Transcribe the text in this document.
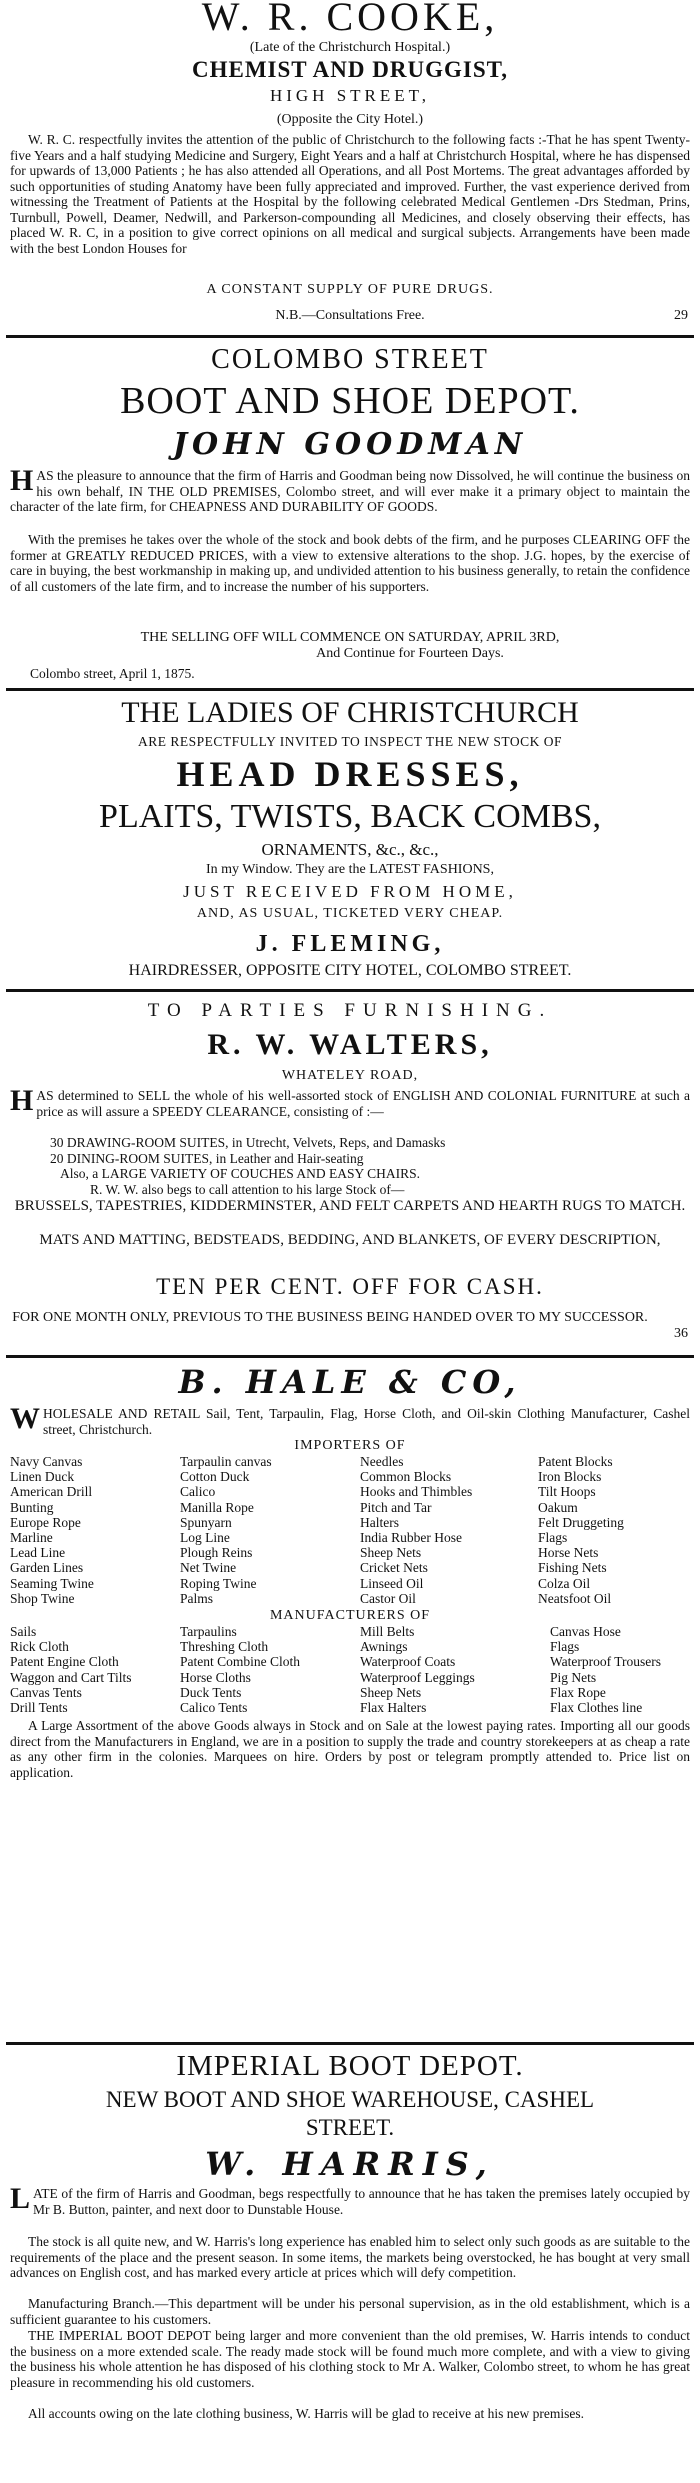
W. R. COOKE,
(Late of the Christchurch Hospital.)
CHEMIST AND DRUGGIST,
HIGH STREET,
(Opposite the City Hotel.)

W. R. C. respectfully invites the attention of the public of Christchurch to the following facts :-That he has spent Twenty-five Years and a half studying Medicine and Surgery, Eight Years and a half at Christchurch Hospital, where he has dispensed for upwards of 13,000 Patients ; he has also attended all Operations, and all Post Mortems. The great advantages afforded by such opportunities of studing Anatomy have been fully appreciated and improved. Further, the vast experience derived from witnessing the Treatment of Patients at the Hospital by the following celebrated Medical Gentlemen -Drs Stedman, Prins, Turnbull, Powell, Deamer, Nedwill, and Parkerson-compounding all Medicines, and closely observing their effects, has placed W. R. C, in a position to give correct opinions on all medical and surgical subjects. Arrangements have been made with the best London Houses for

A CONSTANT SUPPLY OF PURE DRUGS.
N.B.—Consultations Free.	29
COLOMBO STREET
BOOT AND SHOE DEPOT.
JOHN GOODMAN
H AS the pleasure to announce that the firm of Harris and Goodman being now Dissolved, he will continue the business on his own behalf, IN THE OLD PREMISES, Colombo street, and will ever make it a primary object to maintain the character of the late firm, for CHEAPNESS AND DURABILITY OF GOODS.

With the premises he takes over the whole of the stock and book debts of the firm, and he purposes CLEARING OFF the former at GREATLY REDUCED PRICES, with a view to extensive alterations to the shop. J.G. hopes, by the exercise of care in buying, the best workmanship in making up, and undivided attention to his business generally, to retain the confidence of all customers of the late firm, and to increase the number of his supporters.

THE SELLING OFF WILL COMMENCE ON SATURDAY, APRIL 3RD,
And Continue for Fourteen Days.
Colombo street, April 1, 1875.
THE LADIES OF CHRISTCHURCH
ARE RESPECTFULLY INVITED TO INSPECT THE NEW STOCK OF
HEAD DRESSES,
PLAITS, TWISTS, BACK COMBS,
ORNAMENTS, &c., &c.,
In my Window. They are the LATEST FASHIONS,
JUST RECEIVED FROM HOME,
AND, AS USUAL, TICKETED VERY CHEAP.
J. FLEMING,
HAIRDRESSER, OPPOSITE CITY HOTEL, COLOMBO STREET.
TO PARTIES FURNISHING.
R. W. WALTERS,
WHATELEY ROAD,
H AS determined to SELL the whole of his well-assorted stock of ENGLISH AND COLONIAL FURNITURE at such a price as will assure a SPEEDY CLEARANCE, consisting of :—

30 DRAWING-ROOM SUITES, in Utrecht, Velvets, Reps, and Damasks
20 DINING-ROOM SUITES, in Leather and Hair-seating
Also, a LARGE VARIETY OF COUCHES AND EASY CHAIRS.
R. W. W. also begs to call attention to his large Stock of—

BRUSSELS, TAPESTRIES, KIDDERMINSTER, AND FELT CARPETS AND HEARTH RUGS TO MATCH.

MATS AND MATTING, BEDSTEADS, BEDDING, AND BLANKETS, OF EVERY DESCRIPTION,

TEN PER CENT. OFF FOR CASH.

FOR ONE MONTH ONLY, PREVIOUS TO THE BUSINESS BEING HANDED OVER TO MY SUCCESSOR.

36
B. HALE & CO,
W HOLESALE AND RETAIL Sail, Tent, Tarpaulin, Flag, Horse Cloth, and Oil-skin Clothing Manufacturer, Cashel street, Christchurch.

IMPORTERS OF
Navy Canvas
Linen Duck
American Drill
Bunting
Europe Rope
Marline
Lead Line
Garden Lines
Seaming Twine
Shop Twine
Tarpaulin canvas
Cotton Duck
Calico
Manilla Rope
Spunyarn
Log Line
Plough Reins
Net Twine
Roping Twine
Palms
Needles
Common Blocks
Hooks and Thimbles
Pitch and Tar
Halters
India Rubber Hose
Sheep Nets
Cricket Nets
Linseed Oil
Castor Oil
Patent Blocks
Iron Blocks
Tilt Hoops
Oakum
Felt Druggeting
Flags
Horse Nets
Fishing Nets
Colza Oil
Neatsfoot Oil
MANUFACTURERS OF
Sails
Rick Cloth
Patent Engine Cloth
Waggon and Cart Tilts
Canvas Tents
Drill Tents
Tarpaulins
Threshing Cloth
Patent Combine Cloth
Horse Cloths
Duck Tents
Calico Tents
Mill Belts
Awnings
Waterproof Coats
Waterproof Leggings
Sheep Nets
Flax Halters
Canvas Hose
Flags
Waterproof Trousers
Pig Nets
Flax Rope
Flax Clothes line

A Large Assortment of the above Goods always in Stock and on Sale at the lowest paying rates. Importing all our goods direct from the Manufacturers in England, we are in a position to supply the trade and country storekeepers at as cheap a rate as any other firm in the colonies. Marquees on hire. Orders by post or telegram promptly attended to. Price list on application.

IMPERIAL BOOT DEPOT.
NEW BOOT AND SHOE WAREHOUSE, CASHEL
STREET.
W. HARRIS,
L ATE of the firm of Harris and Goodman, begs respectfully to announce that he has taken the premises lately occupied by Mr B. Button, painter, and next door to Dunstable House.

The stock is all quite new, and W. Harris's long experience has enabled him to select only such goods as are suitable to the requirements of the place and the present season. In some items, the markets being overstocked, he has bought at very small advances on English cost, and has marked every article at prices which will defy competition.

Manufacturing Branch.—This department will be under his personal supervision, as in the old establishment, which is a sufficient guarantee to his customers.

THE IMPERIAL BOOT DEPOT being larger and more convenient than the old premises, W. Harris intends to conduct the business on a more extended scale. The ready made stock will be found much more complete, and with a view to giving the business his whole attention he has disposed of his clothing stock to Mr A. Walker, Colombo street, to whom he has great pleasure in recommending his old customers.

All accounts owing on the late clothing business, W. Harris will be glad to receive at his new premises.
